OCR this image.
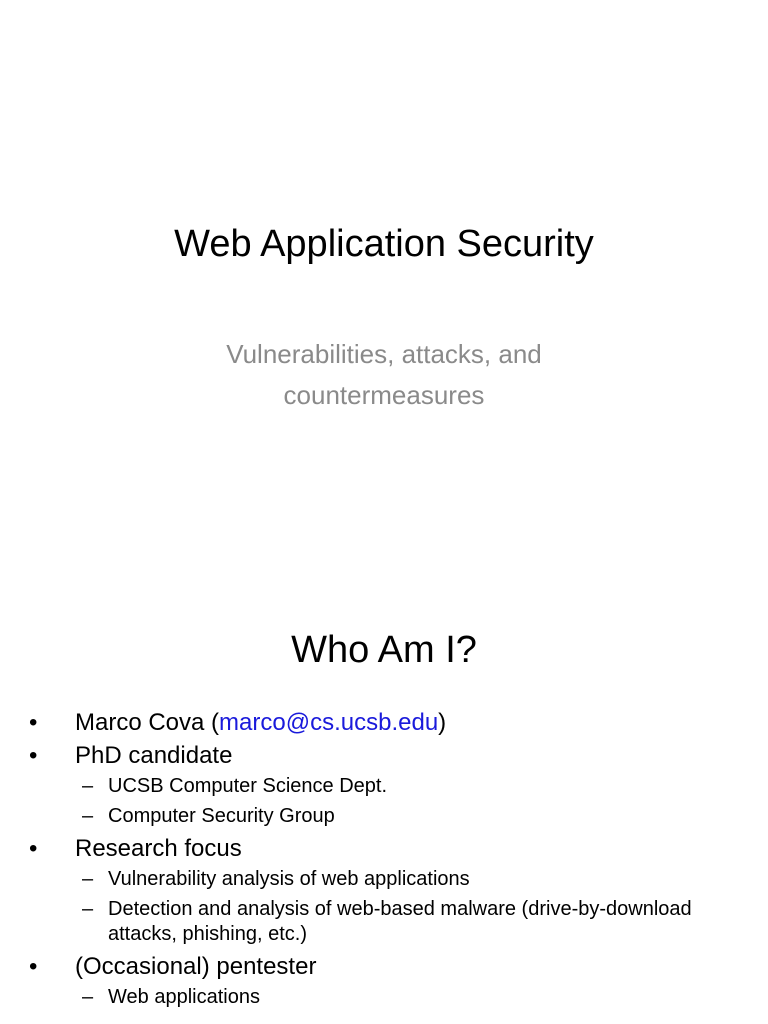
Web Application Security
Vulnerabilities, attacks, and
countermeasures
Who Am I?
•	Marco Cova (marco@cs.ucsb.edu)
•	PhD candidate
– UCSB Computer Science Dept.
– Computer Security Group
•	Research focus
– Vulnerability analysis of web applications
– Detection and analysis of web-based malware (drive-by-download attacks, phishing, etc.)
•	(Occasional) pentester
– Web applications
